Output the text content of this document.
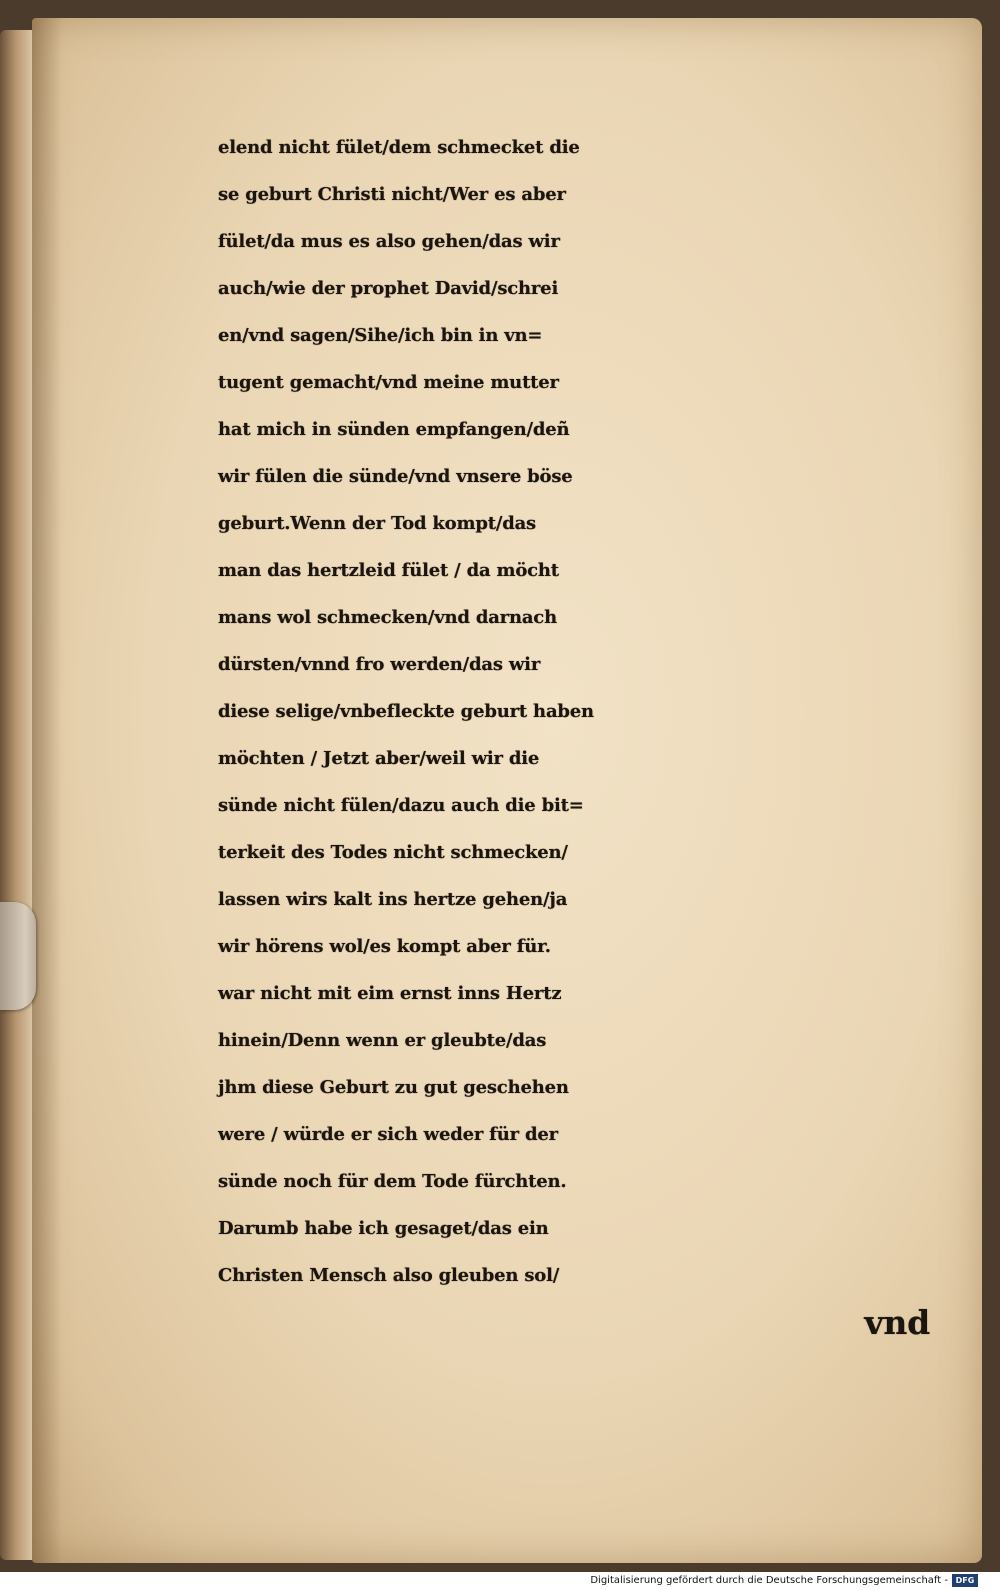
elend nicht fület/dem schmecket die
se geburt Christi nicht/Wer es aber
fület/da mus es also gehen/das wir
auch/wie der prophet David/schrei
en/vnd sagen/Sihe/ich bin in vn=
tugent gemacht/vnd meine mutter
hat mich in sünden empfangen/deñ
wir fülen die sünde/vnd vnsere böse
geburt.Wenn der Tod kompt/das
man das hertzleid fület / da möcht
mans wol schmecken/vnd darnach
dürsten/vnnd fro werden/das wir
diese selige/vnbefleckte geburt haben
möchten / Jetzt aber/weil wir die
sünde nicht fülen/dazu auch die bit=
terkeit des Todes nicht schmecken/
lassen wirs kalt ins hertze gehen/ja
wir hörens wol/es kompt aber für.
war nicht mit eim ernst inns Hertz
hinein/Denn wenn er gleubte/das
jhm diese Geburt zu gut geschehen
were / würde er sich weder für der
sünde noch für dem Tode fürchten.
Darumb habe ich gesaget/das ein
Christen Mensch also gleuben sol/
vnd
Digitalisierung gefördert durch die Deutsche Forschungsgemeinschaft - DFG
